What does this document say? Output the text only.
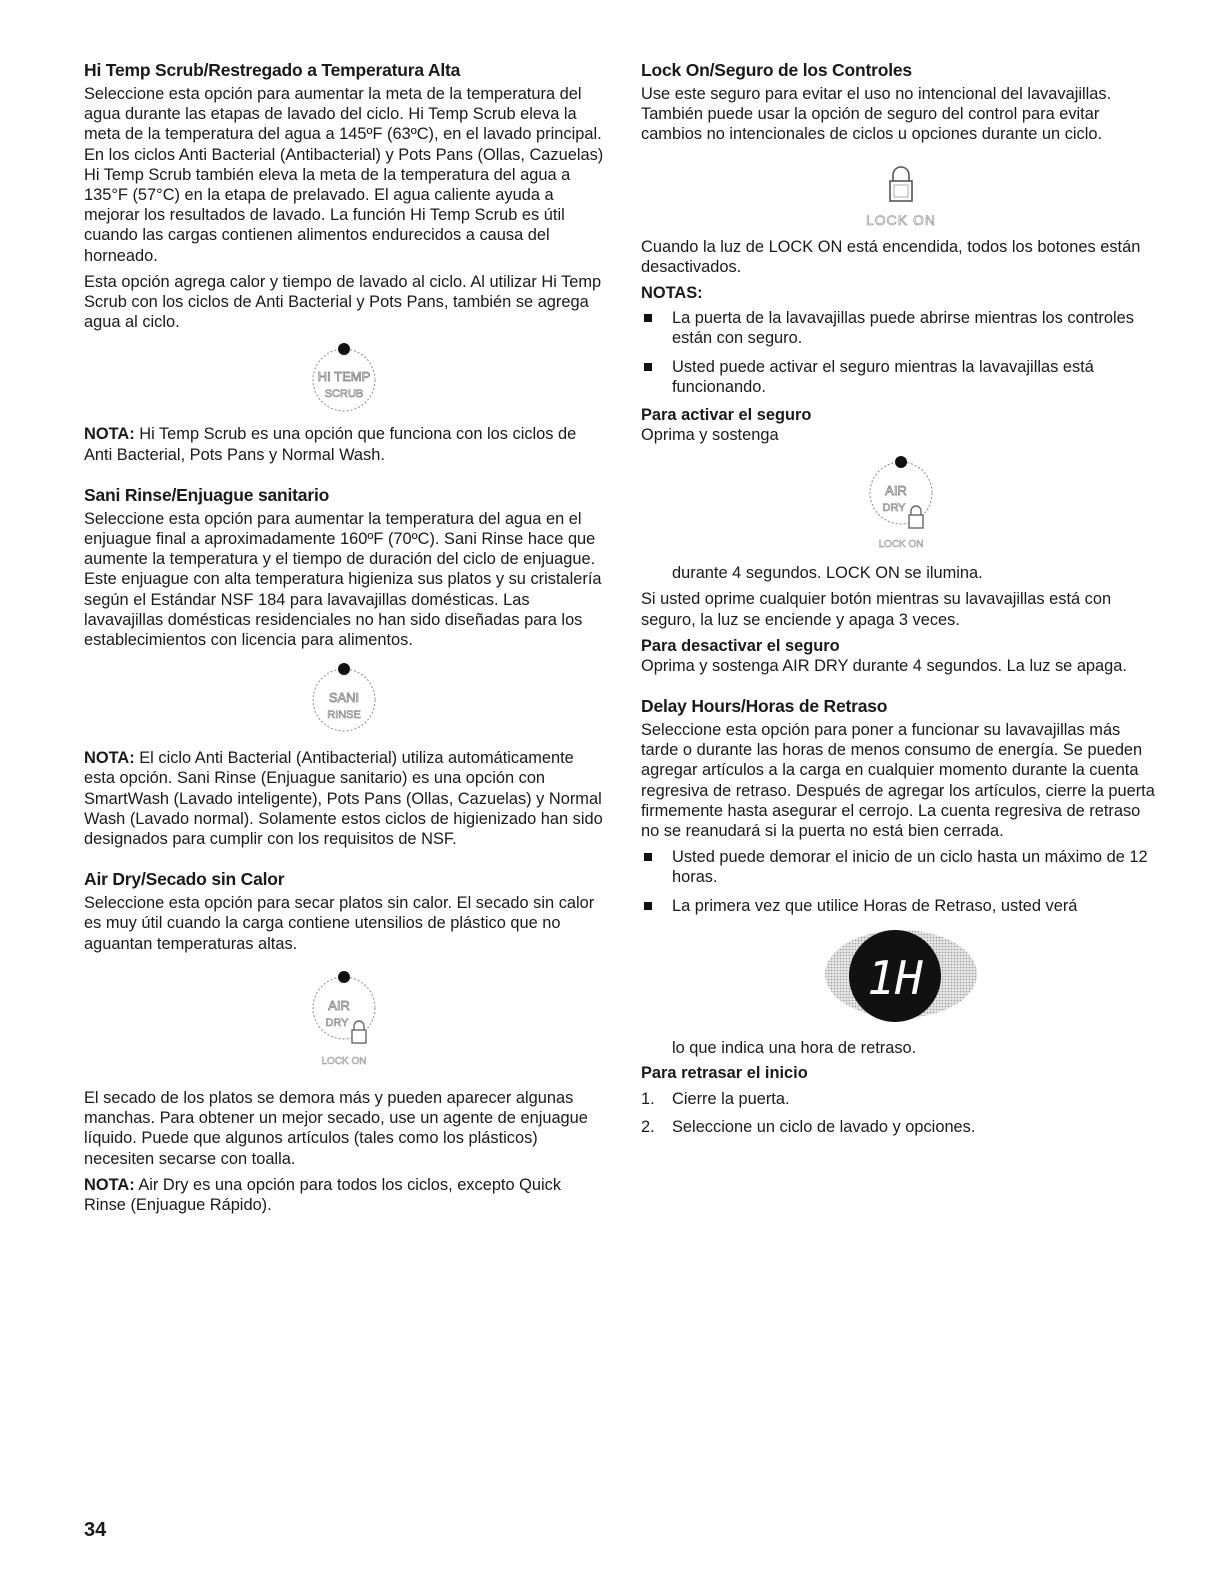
Hi Temp Scrub/Restregado a Temperatura Alta

Seleccione esta opción para aumentar la meta de la temperatura del agua durante las etapas de lavado del ciclo. Hi Temp Scrub eleva la meta de la temperatura del agua a 145ºF (63ºC), en el lavado principal. En los ciclos Anti Bacterial (Antibacterial) y Pots Pans (Ollas, Cazuelas) Hi Temp Scrub también eleva la meta de la temperatura del agua a 135°F (57°C) en la etapa de prelavado. El agua caliente ayuda a mejorar los resultados de lavado. La función Hi Temp Scrub es útil cuando las cargas contienen alimentos endurecidos a causa del horneado.

Esta opción agrega calor y tiempo de lavado al ciclo. Al utilizar Hi Temp Scrub con los ciclos de Anti Bacterial y Pots Pans, también se agrega agua al ciclo.

HI TEMP
SCRUB

NOTA: Hi Temp Scrub es una opción que funciona con los ciclos de Anti Bacterial, Pots Pans y Normal Wash.

Sani Rinse/Enjuague sanitario

Seleccione esta opción para aumentar la temperatura del agua en el enjuague final a aproximadamente 160ºF (70ºC). Sani Rinse hace que aumente la temperatura y el tiempo de duración del ciclo de enjuague. Este enjuague con alta temperatura higieniza sus platos y su cristalería según el Estándar NSF 184 para lavavajillas domésticas. Las lavavajillas domésticas residenciales no han sido diseñadas para los establecimientos con licencia para alimentos.

SANI
RINSE

NOTA: El ciclo Anti Bacterial (Antibacterial) utiliza automáticamente esta opción. Sani Rinse (Enjuague sanitario) es una opción con SmartWash (Lavado inteligente), Pots Pans (Ollas, Cazuelas) y Normal Wash (Lavado normal). Solamente estos ciclos de higienizado han sido designados para cumplir con los requisitos de NSF.

Air Dry/Secado sin Calor

Seleccione esta opción para secar platos sin calor. El secado sin calor es muy útil cuando la carga contiene utensilios de plástico que no aguantan temperaturas altas.

AIR
DRY
LOCK ON

El secado de los platos se demora más y pueden aparecer algunas manchas. Para obtener un mejor secado, use un agente de enjuague líquido. Puede que algunos artículos (tales como los plásticos) necesiten secarse con toalla.

NOTA: Air Dry es una opción para todos los ciclos, excepto Quick Rinse (Enjuague Rápido).

Lock On/Seguro de los Controles

Use este seguro para evitar el uso no intencional del lavavajillas. También puede usar la opción de seguro del control para evitar cambios no intencionales de ciclos u opciones durante un ciclo.

LOCK ON

Cuando la luz de LOCK ON está encendida, todos los botones están desactivados.

NOTAS:

La puerta de la lavavajillas puede abrirse mientras los controles están con seguro.
Usted puede activar el seguro mientras la lavavajillas está funcionando.

Para activar el seguro

Oprima y sostenga

AIR
DRY
LOCK ON

durante 4 segundos. LOCK ON se ilumina.

Si usted oprime cualquier botón mientras su lavavajillas está con seguro, la luz se enciende y apaga 3 veces.

Para desactivar el seguro

Oprima y sostenga AIR DRY durante 4 segundos. La luz se apaga.

Delay Hours/Horas de Retraso

Seleccione esta opción para poner a funcionar su lavavajillas más tarde o durante las horas de menos consumo de energía. Se pueden agregar artículos a la carga en cualquier momento durante la cuenta regresiva de retraso. Después de agregar los artículos, cierre la puerta firmemente hasta asegurar el cerrojo. La cuenta regresiva de retraso no se reanudará si la puerta no está bien cerrada.

Usted puede demorar el inicio de un ciclo hasta un máximo de 12 horas.
La primera vez que utilice Horas de Retraso, usted verá
1H

lo que indica una hora de retraso.

Para retrasar el inicio

1. Cierre la puerta.
2. Seleccione un ciclo de lavado y opciones.
34
